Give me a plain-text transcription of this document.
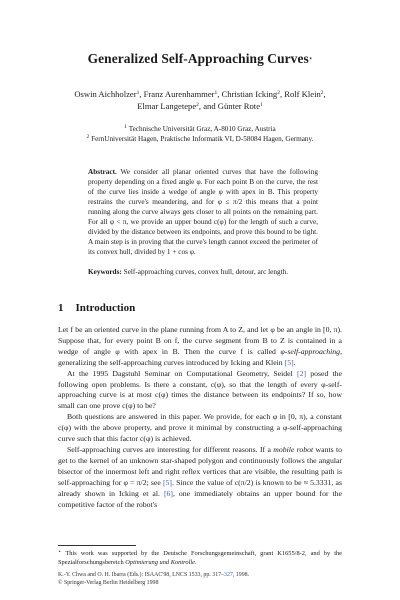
Generalized Self-Approaching Curves⋆
Oswin Aichholzer$^1$, Franz Aurenhammer$^1$, Christian Icking$^2$, Rolf Klein$^2$,
Elmar Langetepe$^2$, and Günter Rote$^1$
$^1$ Technische Universität Graz, A-8010 Graz, Austria
$^2$ FernUniversität Hagen, Praktische Informatik VI, D-58084 Hagen, Germany.
Abstract. We consider all planar oriented curves that have the following property depending on a fixed angle φ. For each point B on the curve, the rest of the curve lies inside a wedge of angle φ with apex in B. This property restrains the curve's meandering, and for φ ≤ π/2 this means that a point running along the curve always gets closer to all points on the remaining part. For all φ < π, we provide an upper bound c(φ) for the length of such a curve, divided by the distance between its endpoints, and prove this bound to be tight. A main step is in proving that the curve's length cannot exceed the perimeter of its convex hull, divided by 1 + cos φ.
Keywords: Self-approaching curves, convex hull, detour, arc length.
1 Introduction

Let f be an oriented curve in the plane running from A to Z, and let φ be an angle in [0, π). Suppose that, for every point B on f, the curve segment from B to Z is contained in a wedge of angle φ with apex in B. Then the curve f is called φ-self-approaching, generalizing the self-approaching curves introduced by Icking and Klein [5].

At the 1995 Dagstuhl Seminar on Computational Geometry, Seidel [2] posed the following open problems. Is there a constant, c(φ), so that the length of every φ-self-approaching curve is at most c(φ) times the distance between its endpoints? If so, how small can one prove c(φ) to be?

Both questions are answered in this paper. We provide, for each φ in [0, π), a constant c(φ) with the above property, and prove it minimal by constructing a φ-self-approaching curve such that this factor c(φ) is achieved.

Self-approaching curves are interesting for different reasons. If a mobile robot wants to get to the kernel of an unknown star-shaped polygon and continuously follows the angular bisector of the innermost left and right reflex vertices that are visible, the resulting path is self-approaching for φ = π/2; see [5]. Since the value of c(π/2) is known to be ≈ 5.3331, as already shown in Icking et al. [6], one immediately obtains an upper bound for the competitive factor of the robot's

⋆ This work was supported by the Deutsche Forschungsgemeinschaft, grant K1655/8-2, and by the Spezialforschungsbereich Optimierung und Kontrolle.
K.-Y. Chwa and O. H. Ibarra (Eds.): ISAAC'98, LNCS 1533, pp. 317–327, 1998.
© Springer-Verlag Berlin Heidelberg 1998
